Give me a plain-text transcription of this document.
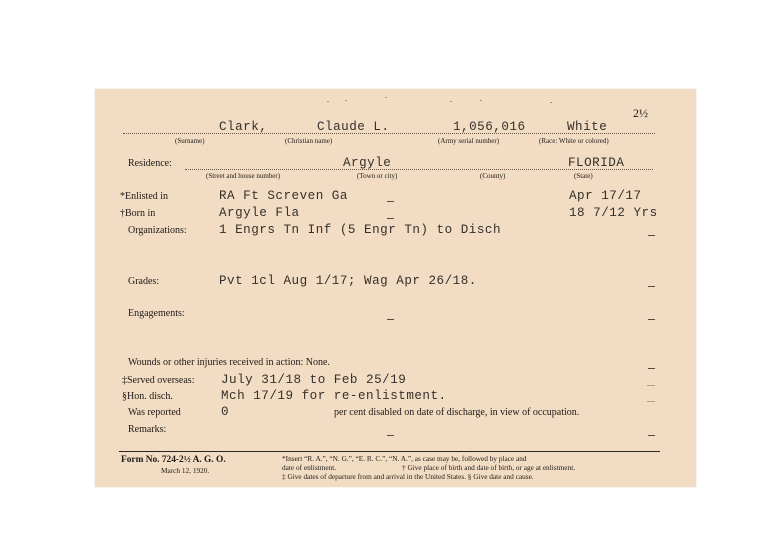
2½
Clark,	Claude L.	1,056,016	White
(Surname)	(Christian name)	(Army serial number)	(Race: White or colored)
Residence:	Argyle	FLORIDA
(Street and house number)	(Town or city)	(County)	(State)
*Enlisted in	RA Ft Screven Ga	Apr 17/17
†Born in	Argyle Fla	18 7/12 Yrs
Organizations:	1 Engrs Tn Inf (5 Engr Tn) to Disch
Grades:	Pvt 1cl Aug 1/17; Wag Apr 26/18.
Engagements:
Wounds or other injuries received in action: None.
‡Served overseas: July 31/18 to Feb 25/19
§Hon. disch.	Mch 17/19 for re-enlistment.
Was reported	0	per cent disabled on date of discharge, in view of occupation.
Remarks:
Form No. 724-2½ A. G. O.
March 12, 1920.
*Insert “R. A.”, “N. G.”, “E. R. C.”, “N. A.”, as case may be, followed by place and
date of enlistment.	† Give place of birth and date of birth, or age at enlistment.
‡ Give dates of departure from and arrival in the United States. § Give date and cause.
